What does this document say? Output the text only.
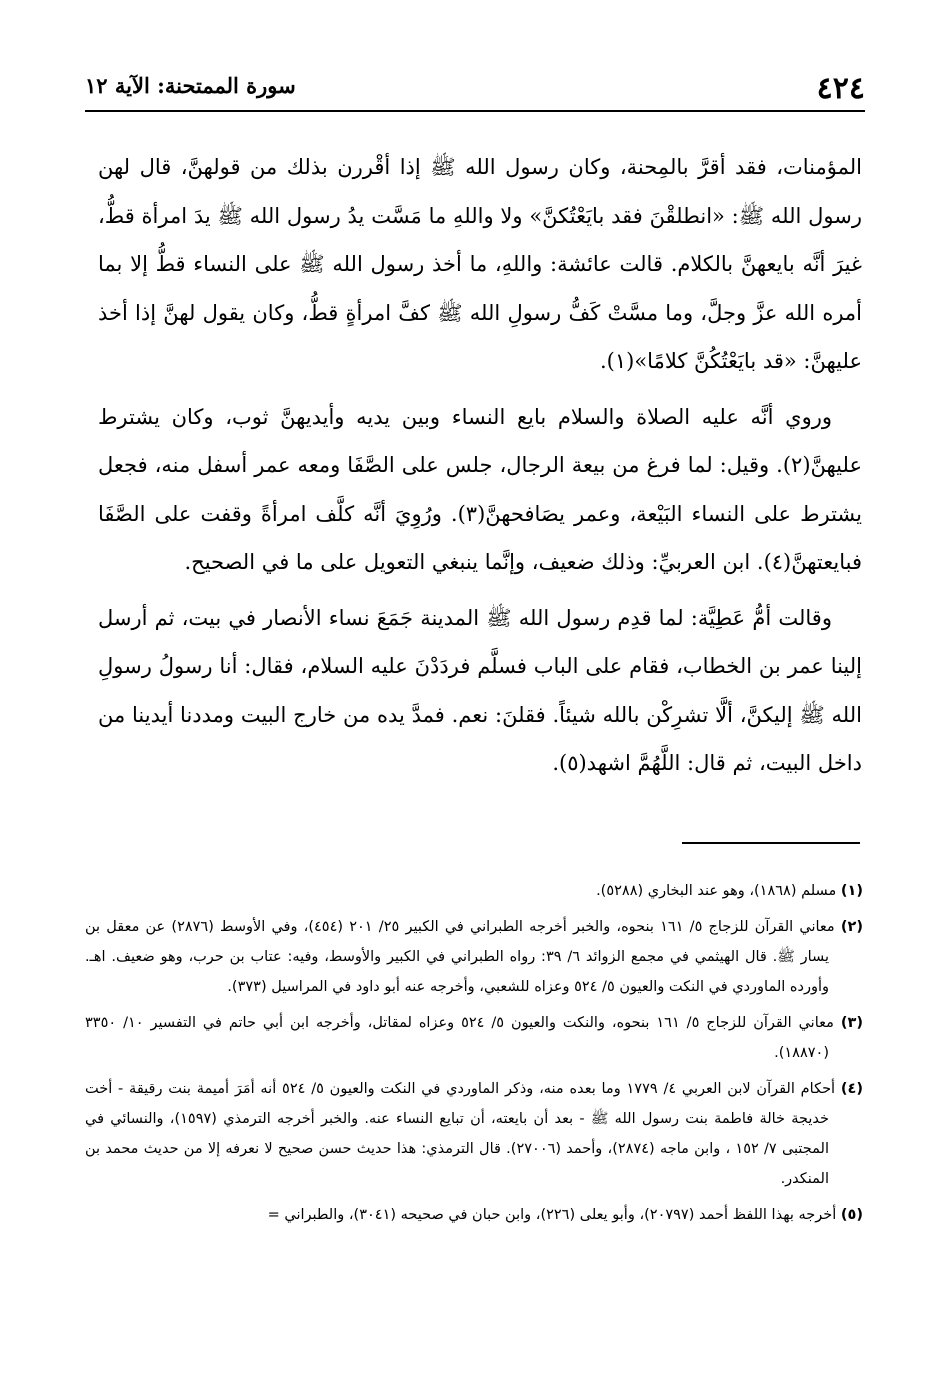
٤٢٤
سورة الممتحنة: الآية ١٢

المؤمنات، فقد أقرَّ بالمِحنة، وكان رسول الله ﷺ إذا أقْررن بذلك من قولهنَّ، قال لهن رسول الله ﷺ: «انطلقْنَ فقد بايَعْتُكنَّ» ولا واللهِ ما مَسَّت يدُ رسول الله ﷺ يدَ امرأة قطُّ، غيرَ أنَّه بايعهنَّ بالكلام. قالت عائشة: واللهِ، ما أخذ رسول الله ﷺ على النساء قطُّ إلا بما أمره الله عزَّ وجلَّ، وما مسَّتْ كَفُّ رسولِ الله ﷺ كفَّ امرأةٍ قطُّ، وكان يقول لهنَّ إذا أخذ عليهنَّ: «قد بايَعْتُكُنَّ كلامًا»(١).

وروي أنَّه عليه الصلاة والسلام بايع النساء وبين يديه وأيديهنَّ ثوب، وكان يشترط عليهنَّ(٢). وقيل: لما فرغ من بيعة الرجال، جلس على الصَّفَا ومعه عمر أسفل منه، فجعل يشترط على النساء البَيْعة، وعمر يصَافحهنَّ(٣). ورُوِيَ أنَّه كلَّف امرأةً وقفت على الصَّفَا فبايعتهنَّ(٤). ابن العربيِّ: وذلك ضعيف، وإنَّما ينبغي التعويل على ما في الصحيح.

وقالت أمُّ عَطِيَّة: لما قدِم رسول الله ﷺ المدينة جَمَعَ نساء الأنصار في بيت، ثم أرسل إلينا عمر بن الخطاب، فقام على الباب فسلَّم فردَدْنَ عليه السلام، فقال: أنا رسولُ رسولِ الله ﷺ إليكنَّ، ألَّا تشرِكْن بالله شيئاً. فقلنَ: نعم. فمدَّ يده من خارج البيت ومددنا أيدينا من داخل البيت، ثم قال: اللَّهُمَّ اشهد(٥).

(١) مسلم (١٨٦٨)، وهو عند البخاري (٥٢٨٨).
(٢) معاني القرآن للزجاج ٥/ ١٦١ بنحوه، والخبر أخرجه الطبراني في الكبير ٢٥/ ٢٠١ (٤٥٤)، وفي الأوسط (٢٨٧٦) عن معقل بن يسار ﷺ. قال الهيثمي في مجمع الزوائد ٦/ ٣٩: رواه الطبراني في الكبير والأوسط، وفيه: عتاب بن حرب، وهو ضعيف. اهـ. وأورده الماوردي في النكت والعيون ٥/ ٥٢٤ وعزاه للشعبي، وأخرجه عنه أبو داود في المراسيل (٣٧٣).
(٣) معاني القرآن للزجاج ٥/ ١٦١ بنحوه، والنكت والعيون ٥/ ٥٢٤ وعزاه لمقاتل، وأخرجه ابن أبي حاتم في التفسير ١٠/ ٣٣٥٠ (١٨٨٧٠).
(٤) أحكام القرآن لابن العربي ٤/ ١٧٧٩ وما بعده منه، وذكر الماوردي في النكت والعيون ٥/ ٥٢٤ أنه أمَرَ أميمة بنت رقيقة - أخت خديجة خالة فاطمة بنت رسول الله ﷺ - بعد أن بايعته، أن تبايع النساء عنه. والخبر أخرجه الترمذي (١٥٩٧)، والنسائي في المجتبى ٧/ ١٥٢ ، وابن ماجه (٢٨٧٤)، وأحمد (٢٧٠٠٦). قال الترمذي: هذا حديث حسن صحيح لا نعرفه إلا من حديث محمد بن المنكدر.
(٥) أخرجه بهذا اللفظ أحمد (٢٠٧٩٧)، وأبو يعلى (٢٢٦)، وابن حبان في صحيحه (٣٠٤١)، والطبراني =
